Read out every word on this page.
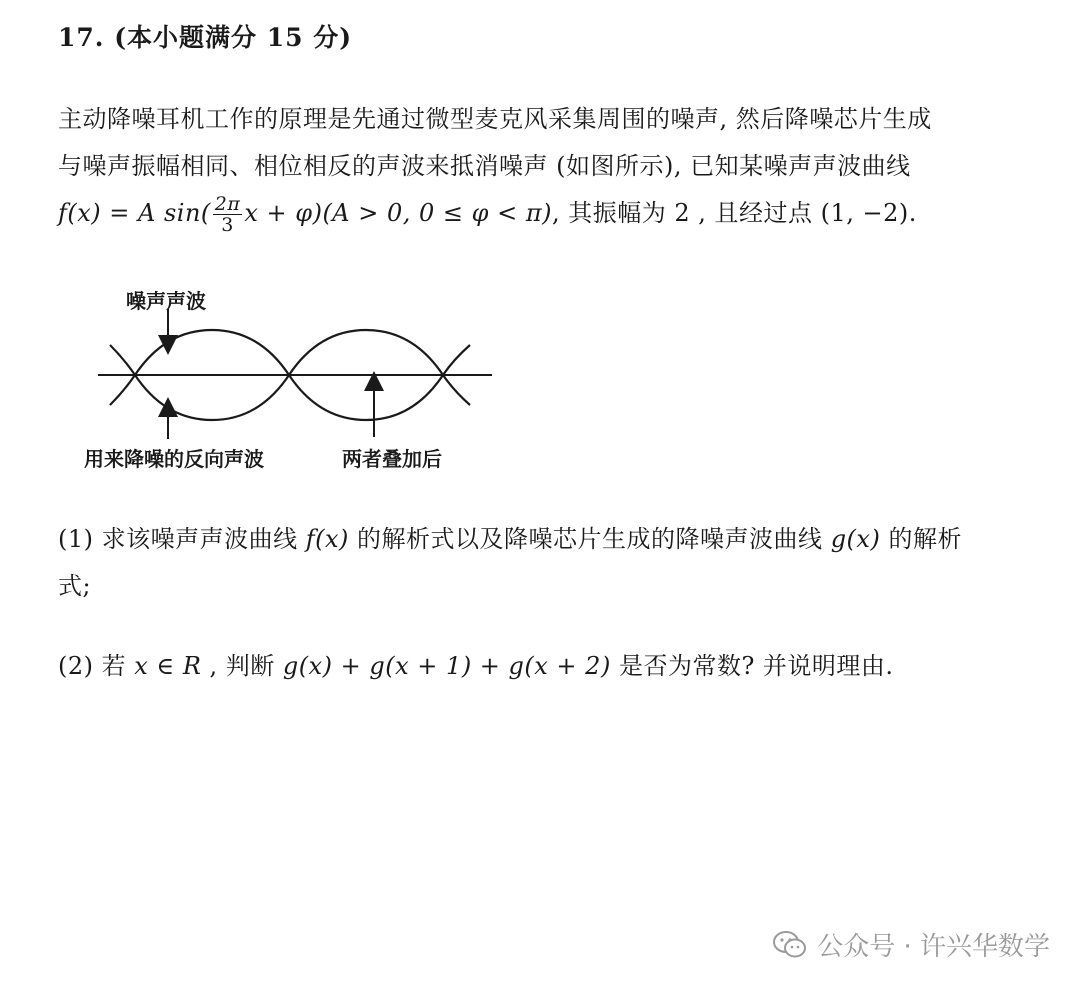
17. (本小题满分 15 分)
主动降噪耳机工作的原理是先通过微型麦克风采集周围的噪声, 然后降噪芯片生成
与噪声振幅相同、相位相反的声波来抵消噪声 (如图所示), 已知某噪声声波曲线
f(x) = A $\sin( \frac{2\pi}{3}$ x + φ)(A > 0, 0 ≤ φ < π), 其振幅为 2 , 且经过点 (1, −2).
噪声声波
用来降噪的反向声波	两者叠加后
(1) 求该噪声声波曲线 f(x) 的解析式以及降噪芯片生成的降噪声波曲线 g(x) 的解析
式;
(2) 若 x ∈ R , 判断 g(x) + g(x + 1) + g(x + 2) 是否为常数? 并说明理由.
公众号 · 许兴华数学
